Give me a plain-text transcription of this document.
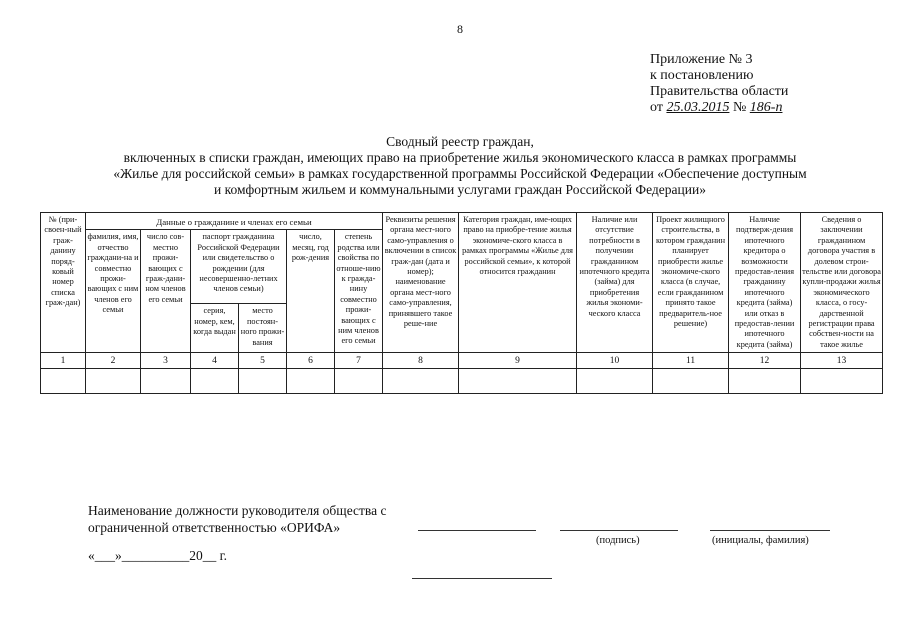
8
Приложение № 3
к постановлению
Правительства области
от 25.03.2015 № 186-п
Сводный реестр граждан,
включенных в списки граждан, имеющих право на приобретение жилья экономического класса в рамках программы
«Жилье для российской семьи» в рамках государственной программы Российской Федерации «Обеспечение доступным
и комфортным жильем и коммунальными услугами граждан Российской Федерации»
№ (при-своен-ный граж-данину поряд-ковый номер списка граж-дан)	Данные о гражданине и членах его семьи						Реквизиты решения органа мест-ного само-управления о включении в список граж-дан (дата и номер); наименование органа мест-ного само-управления, принявшего такое реше-ние	Категория граждан, име-ющих право на приобре-тение жилья экономиче-ского класса в рамках программы «Жилье для российской семьи», к которой относится гражданин	Наличие или отсутствие потребности в получении гражданином ипотечного кредита (займа) для приобретения жилья экономи-ческого класса	Проект жилищного строительства, в котором гражданин планирует приобрести жилье экономиче-ского класса (в случае, если гражданином принято такое предваритель-ное решение)	Наличие подтверж-дения ипотечного кредитора о возможности предостав-ления гражданину ипотечного кредита (займа) или отказ в предостав-лении ипотечного кредита (займа)	Сведения о заключении гражданином договора участия в долевом строи-тельстве или договора купли-продажи жилья экономического класса, о госу-дарственной регистрации права собствен-ности на такое жилье
	фамилия, имя, отчество граждани-на и совместно прожи-вающих с ним членов его семьи	число сов-местно прожи-вающих с граж-дани-ном членов его семьи	паспорт гражданина Российской Федерации или свидетельство о рождении (для несовершенно-летних членов семьи)		число, месяц, год рож-дения	степень родства или свойства по отноше-нию к гражда-нину совместно прожи-вающих с ним членов его семьи						
			серия, номер, кем, когда выдан	место постоян-ного прожи-вания								
1	2	3	4	5	6	7	8	9	10	11	12	13

Наименование должности руководителя общества с
ограниченной ответственностью «ОРИФА»
(подпись)	(инициалы, фамилия)
«___»__________20__ г.
